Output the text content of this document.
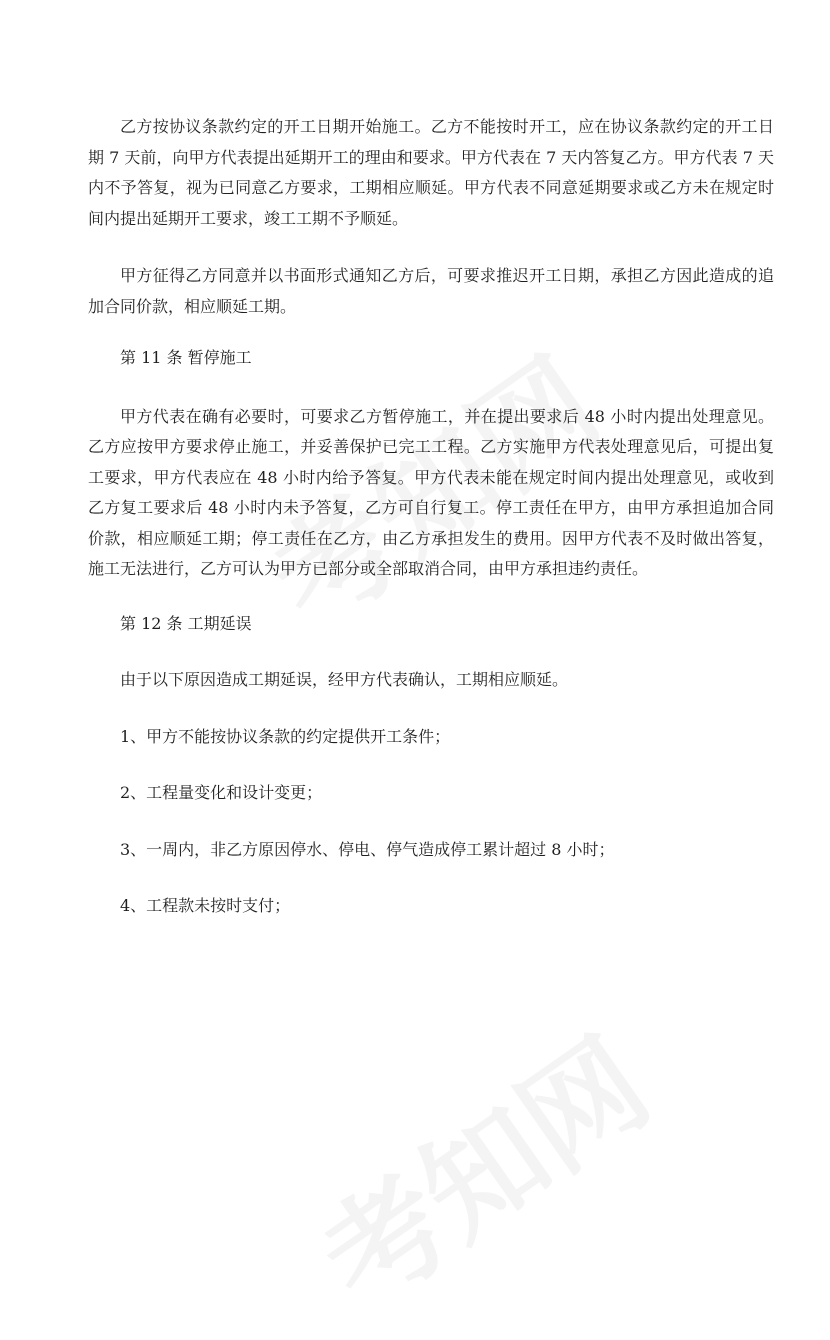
乙方按协议条款约定的开工日期开始施工。乙方不能按时开工，应在协议条款约定的开工日期 7 天前，向甲方代表提出延期开工的理由和要求。甲方代表在 7 天内答复乙方。甲方代表 7 天内不予答复，视为已同意乙方要求，工期相应顺延。甲方代表不同意延期要求或乙方未在规定时间内提出延期开工要求，竣工工期不予顺延。

甲方征得乙方同意并以书面形式通知乙方后，可要求推迟开工日期，承担乙方因此造成的追加合同价款，相应顺延工期。

第 11 条 暂停施工

甲方代表在确有必要时，可要求乙方暂停施工，并在提出要求后 48 小时内提出处理意见。乙方应按甲方要求停止施工，并妥善保护已完工工程。乙方实施甲方代表处理意见后，可提出复工要求，甲方代表应在 48 小时内给予答复。甲方代表未能在规定时间内提出处理意见，或收到乙方复工要求后 48 小时内未予答复，乙方可自行复工。停工责任在甲方，由甲方承担追加合同价款，相应顺延工期；停工责任在乙方，由乙方承担发生的费用。因甲方代表不及时做出答复，施工无法进行，乙方可认为甲方已部分或全部取消合同，由甲方承担违约责任。

第 12 条 工期延误

由于以下原因造成工期延误，经甲方代表确认，工期相应顺延。

1、甲方不能按协议条款的约定提供开工条件；

2、工程量变化和设计变更；

3、一周内，非乙方原因停水、停电、停气造成停工累计超过 8 小时；

4、工程款未按时支付；
